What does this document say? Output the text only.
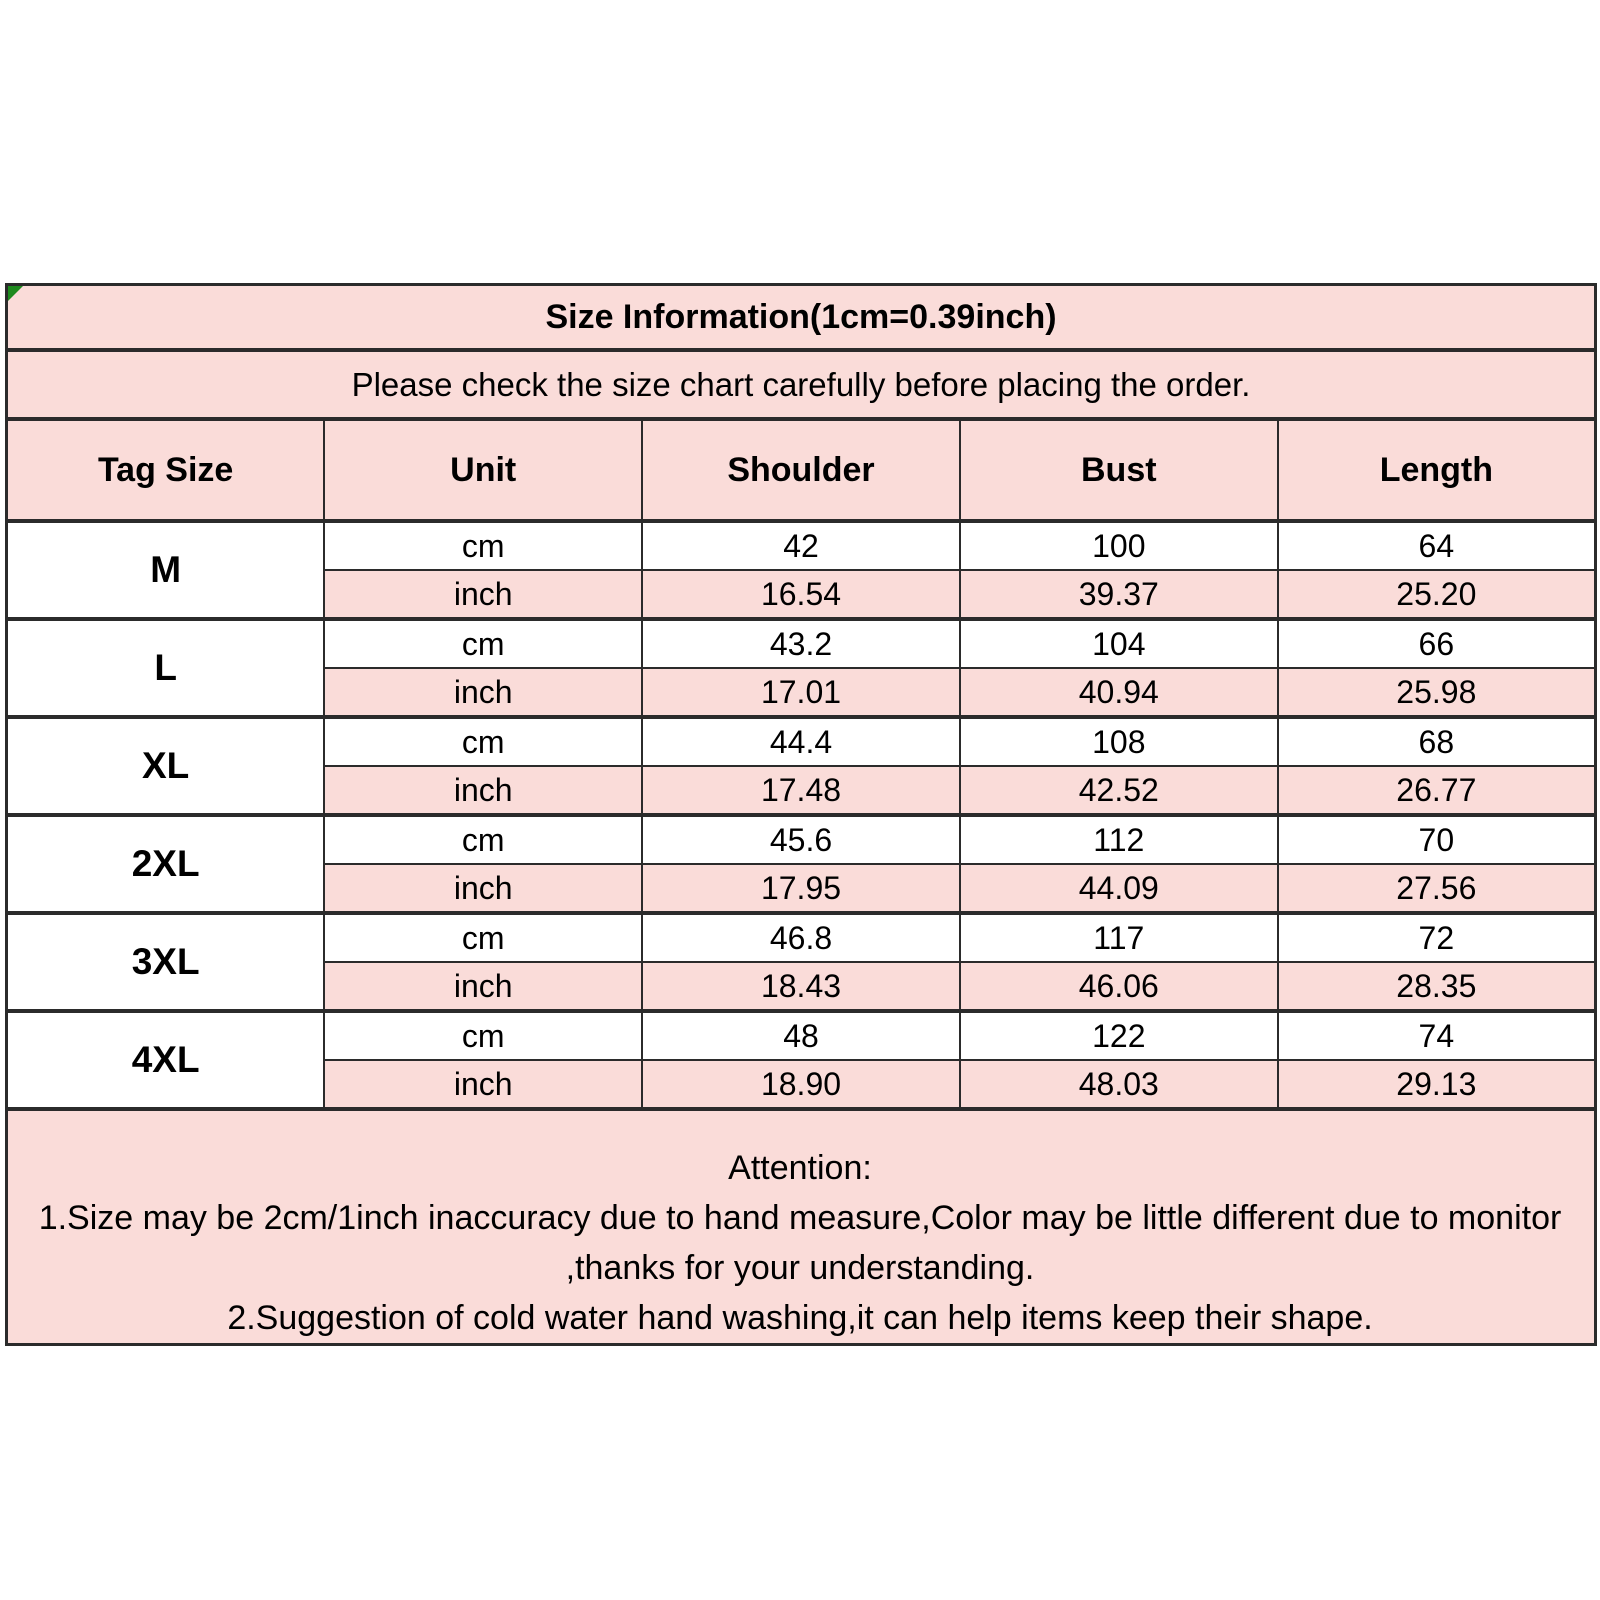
Size Information(1cm=0.39inch)				
Please check the size chart carefully before placing the order.				
Tag Size	Unit	Shoulder	Bust	Length
M	cm	42	100	64
	inch	16.54	39.37	25.20
L	cm	43.2	104	66
	inch	17.01	40.94	25.98
XL	cm	44.4	108	68
	inch	17.48	42.52	26.77
2XL	cm	45.6	112	70
	inch	17.95	44.09	27.56
3XL	cm	46.8	117	72
	inch	18.43	46.06	28.35
4XL	cm	48	122	74
	inch	18.90	48.03	29.13

Attention:
1.Size may be 2cm/1inch inaccuracy due to hand measure,Color may be little different due to monitor
,thanks for your understanding.
2.Suggestion of cold water hand washing,it can help items keep their shape.				
